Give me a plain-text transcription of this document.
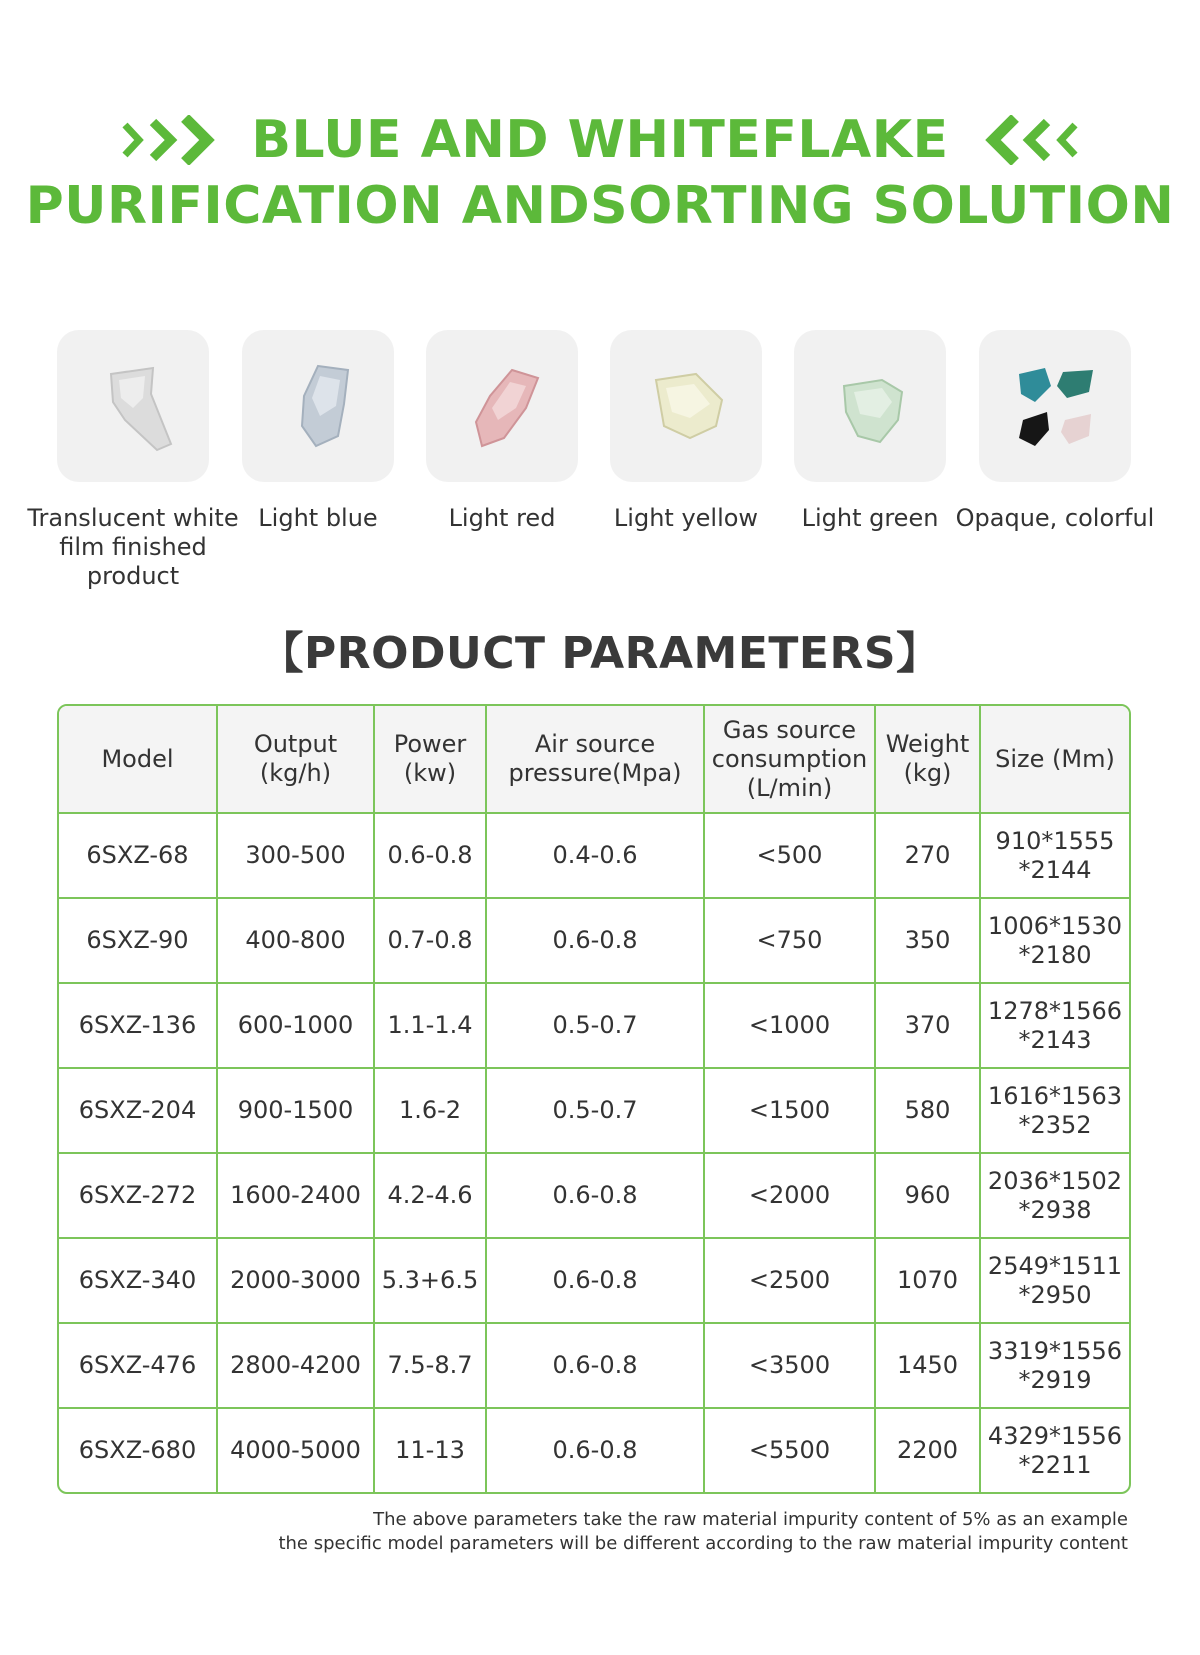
BLUE AND WHITEFLAKE
PURIFICATION ANDSORTING SOLUTION
Translucent white film finished product
Light blue	Light red	Light yellow	Light green Opaque, colorful
【PRODUCT PARAMETERS】
Model	Output (kg/h)	Power (kw)	Air source pressure(Mpa)	Gas source consumption (L/min)	Weight (kg)	Size (Mm)
6SXZ-68	300-500	0.6-0.8	0.4-0.6	<500	270	910*1555 *2144
6SXZ-90	400-800	0.7-0.8	0.6-0.8	<750	350	1006*1530 *2180
6SXZ-136	600-1000	1.1-1.4	0.5-0.7	<1000	370	1278*1566 *2143
6SXZ-204	900-1500	1.6-2	0.5-0.7	<1500	580	1616*1563 *2352
6SXZ-272	1600-2400	4.2-4.6	0.6-0.8	<2000	960	2036*1502 *2938
6SXZ-340	2000-3000	5.3+6.5	0.6-0.8	<2500	1070	2549*1511 *2950
6SXZ-476	2800-4200	7.5-8.7	0.6-0.8	<3500	1450	3319*1556 *2919
6SXZ-680	4000-5000	11-13	0.6-0.8	<5500	2200	4329*1556 *2211
The above parameters take the raw material impurity content of 5% as an example
the specific model parameters will be different according to the raw material impurity content
